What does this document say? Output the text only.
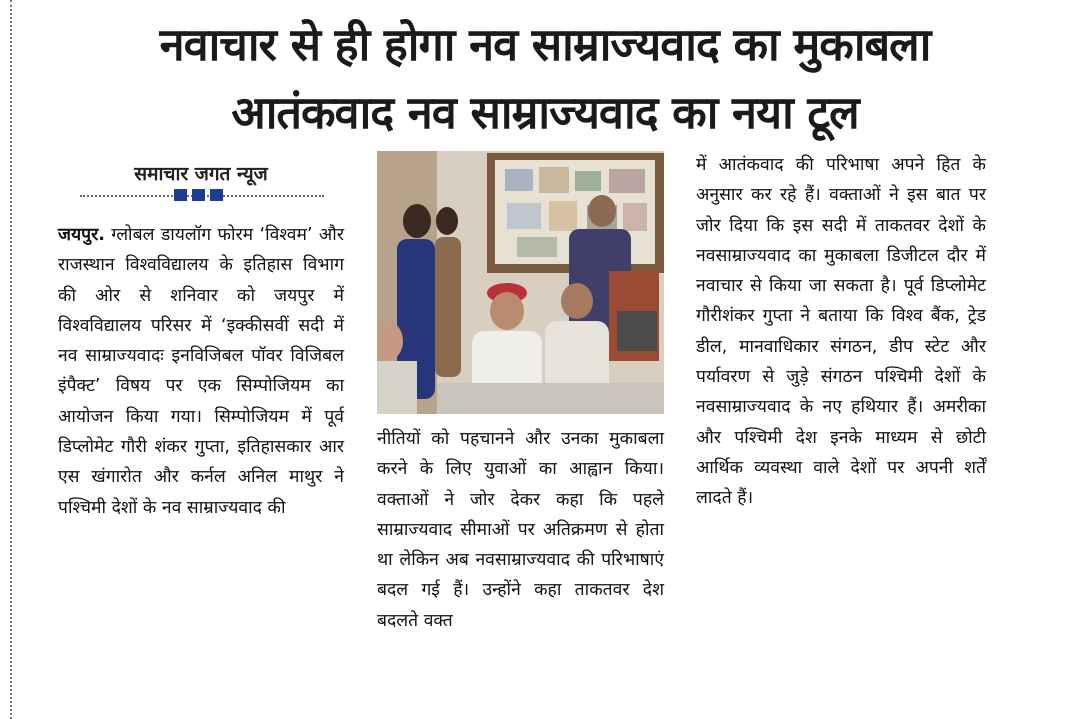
नवाचार से ही होगा नव साम्राज्यवाद का मुकाबला
आतंकवाद नव साम्राज्यवाद का नया टूल
समाचार जगत न्यूज

जयपुर. ग्लोबल डायलॉग फोरम ‘विश्वम’ और राजस्थान विश्वविद्यालय के इतिहास विभाग की ओर से शनिवार को जयपुर में विश्वविद्यालय परिसर में ‘इक्कीसवीं सदी में नव साम्राज्यवादः इनविजिबल पॉवर विजिबल इंपैक्ट’ विषय पर एक सिम्पोजियम का आयोजन किया गया। सिम्पोजियम में पूर्व डिप्लोमेट गौरी शंकर गुप्ता, इतिहासकार आर एस खंगारोत और कर्नल अनिल माथुर ने पश्चिमी देशों के नव साम्राज्यवाद की

नीतियों को पहचानने और उनका मुकाबला करने के लिए युवाओं का आह्वान किया। वक्ताओं ने जोर देकर कहा कि पहले साम्राज्यवाद सीमाओं पर अतिक्रमण से होता था लेकिन अब नवसाम्राज्यवाद की परिभाषाएं बदल गई हैं। उन्होंने कहा ताकतवर देश बदलते वक्त

में आतंकवाद की परिभाषा अपने हित के अनुसार कर रहे हैं। वक्ताओं ने इस बात पर जोर दिया कि इस सदी में ताकतवर देशों के नवसाम्राज्यवाद का मुकाबला डिजीटल दौर में नवाचार से किया जा सकता है। पूर्व डिप्लोमेट गौरीशंकर गुप्ता ने बताया कि विश्व बैंक, ट्रेड डील, मानवाधिकार संगठन, डीप स्टेट और पर्यावरण से जुड़े संगठन पश्चिमी देशों के नवसाम्राज्यवाद के नए हथियार हैं। अमरीका और पश्चिमी देश इनके माध्यम से छोटी आर्थिक व्यवस्था वाले देशों पर अपनी शर्तें लादते हैं।
